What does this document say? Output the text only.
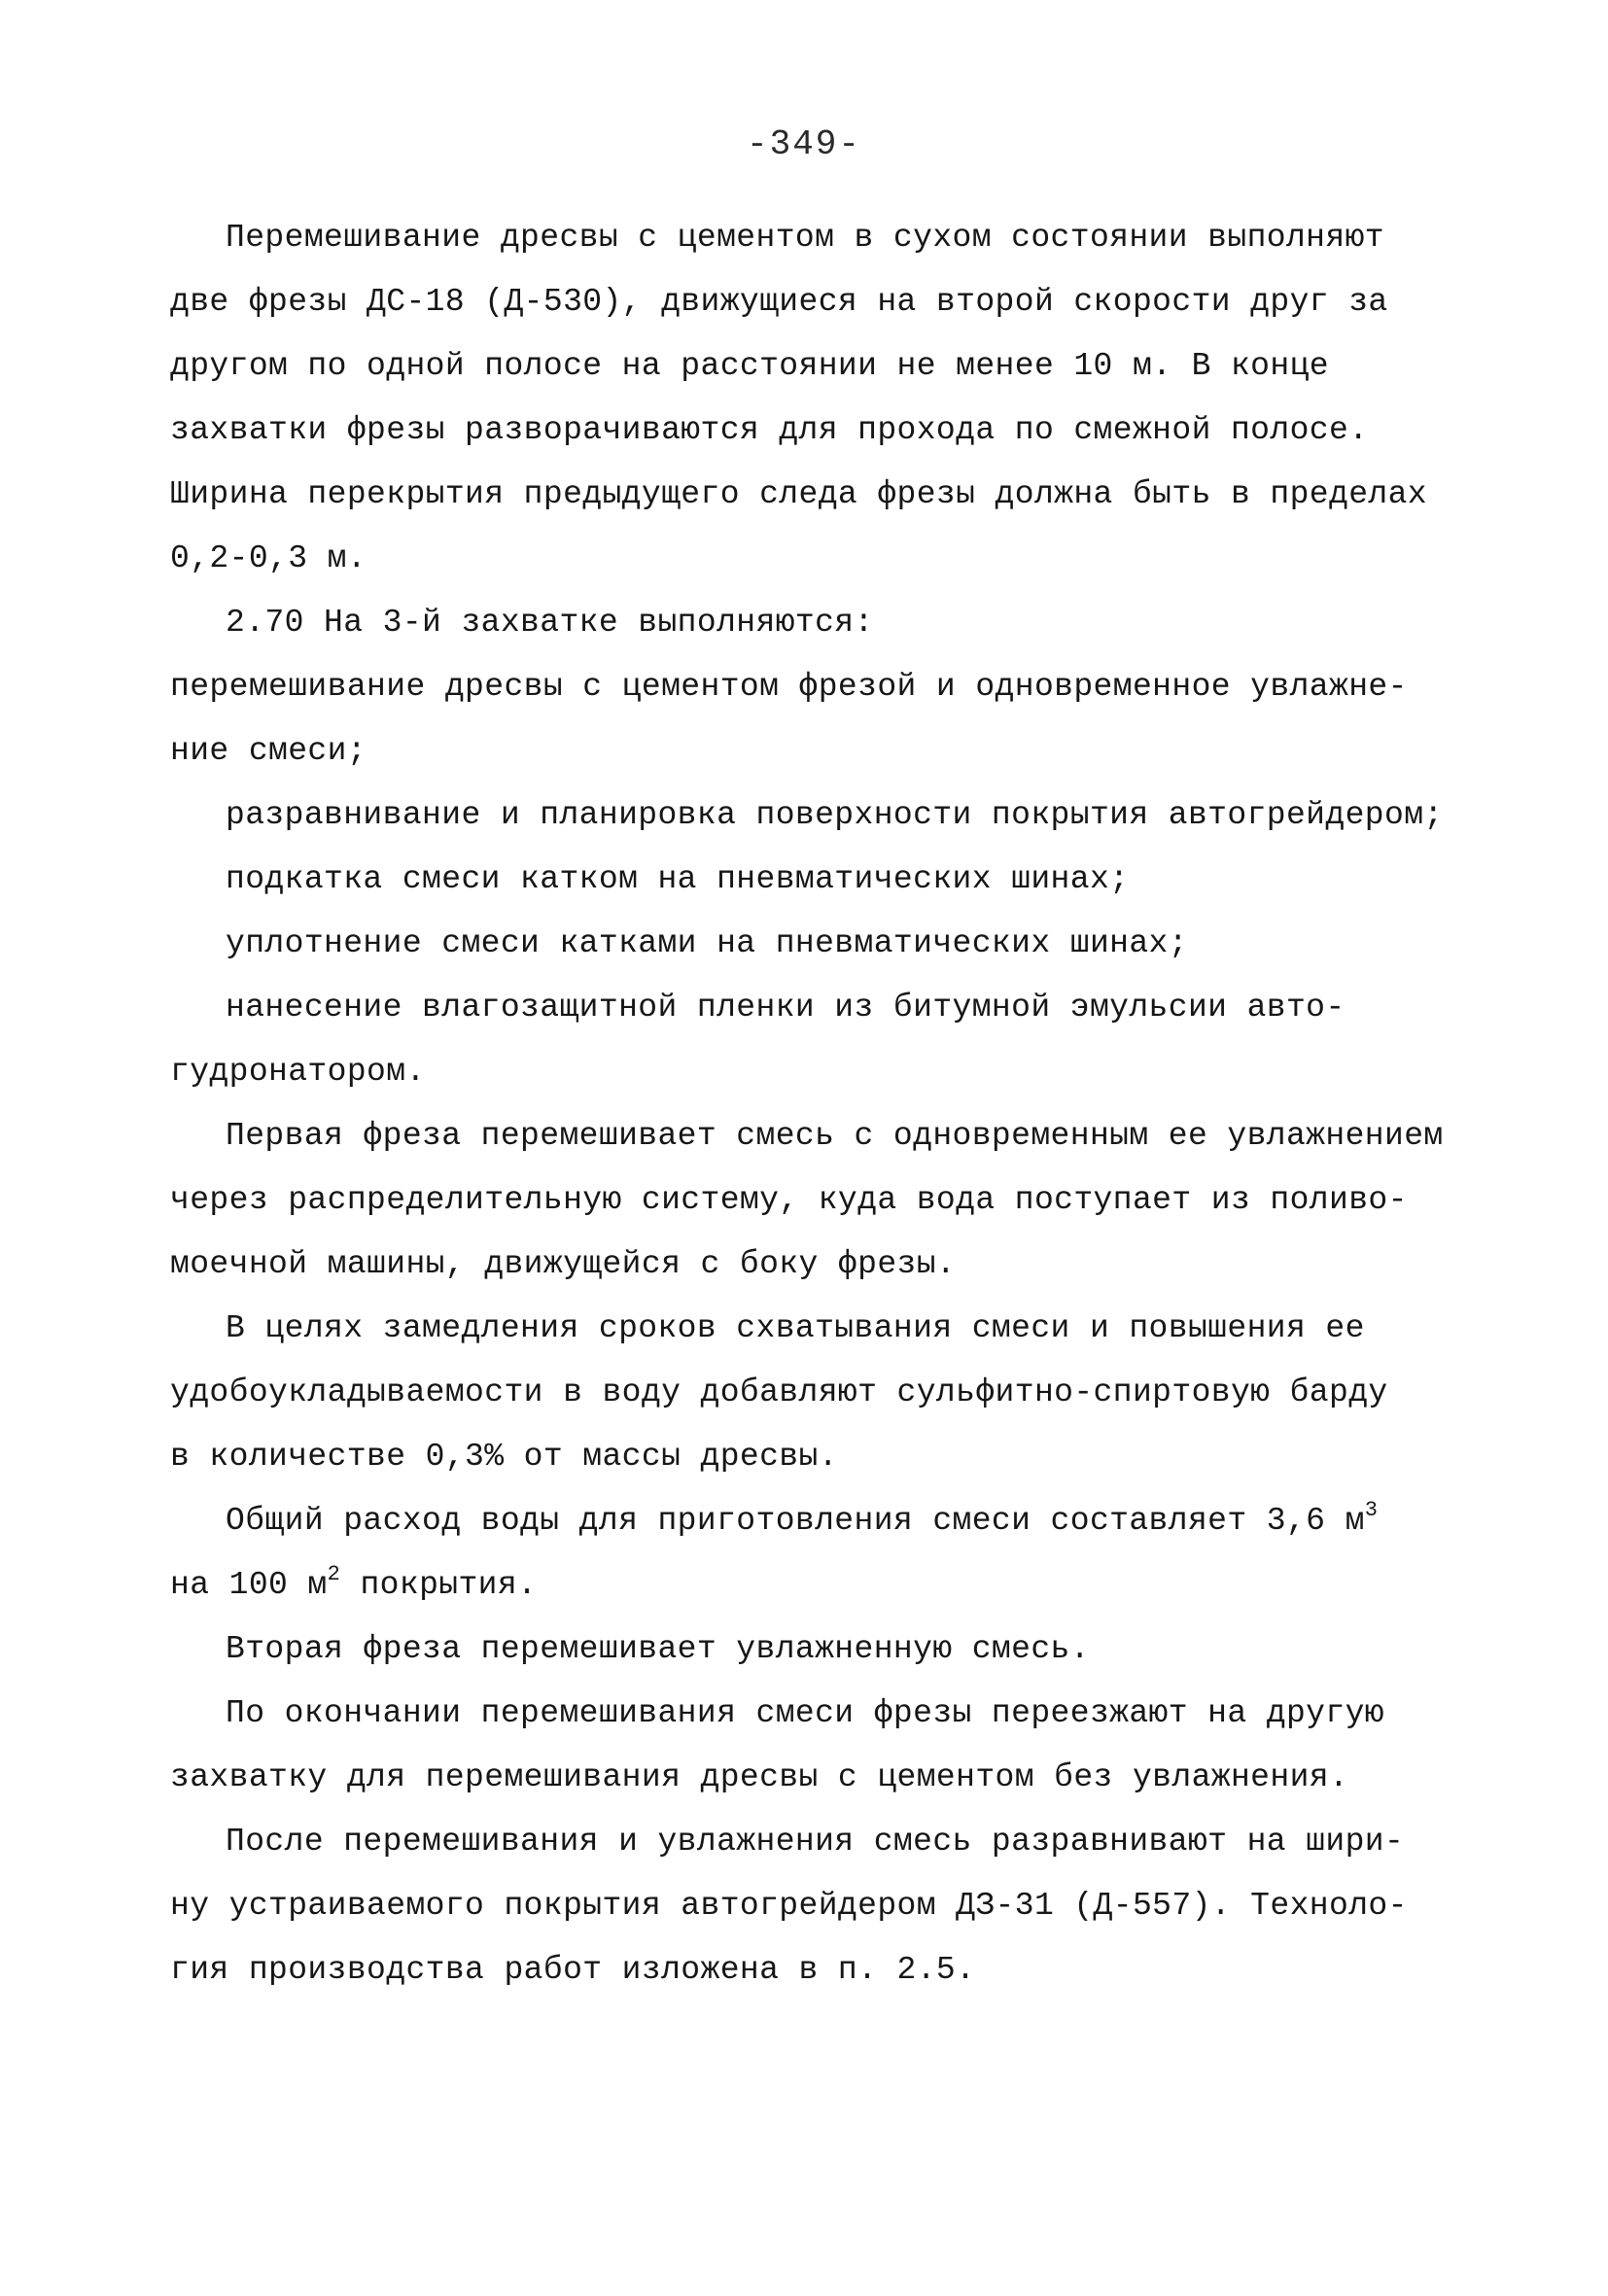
-349-
Перемешивание дресвы с цементом в сухом состоянии выполняют
две фрезы ДС-18 (Д-530), движущиеся на второй скорости друг за
другом по одной полосе на расстоянии не менее 10 м. В конце
захватки фрезы разворачиваются для прохода по смежной полосе.
Ширина перекрытия предыдущего следа фрезы должна быть в пределах
0,2-0,3 м.
2.70 На 3-й захватке выполняются:
перемешивание дресвы с цементом фрезой и одновременное увлажне-
ние смеси;
разравнивание и планировка поверхности покрытия автогрейдером;
подкатка смеси катком на пневматических шинах;
уплотнение смеси катками на пневматических шинах;
нанесение влагозащитной пленки из битумной эмульсии авто-
гудронатором.
Первая фреза перемешивает смесь с одновременным ее увлажнением
через распределительную систему, куда вода поступает из поливо-
моечной машины, движущейся с боку фрезы.
В целях замедления сроков схватывания смеси и повышения ее
удобоукладываемости в воду добавляют сульфитно-спиртовую барду
в количестве 0,3% от массы дресвы.
Общий расход воды для приготовления смеси составляет 3,6 $м^3$
на 100 $м^2$ покрытия.
Вторая фреза перемешивает увлажненную смесь.
По окончании перемешивания смеси фрезы переезжают на другую
захватку для перемешивания дресвы с цементом без увлажнения.
После перемешивания и увлажнения смесь разравнивают на шири-
ну устраиваемого покрытия автогрейдером ДЗ-31 (Д-557). Техноло-
гия производства работ изложена в п. 2.5.
